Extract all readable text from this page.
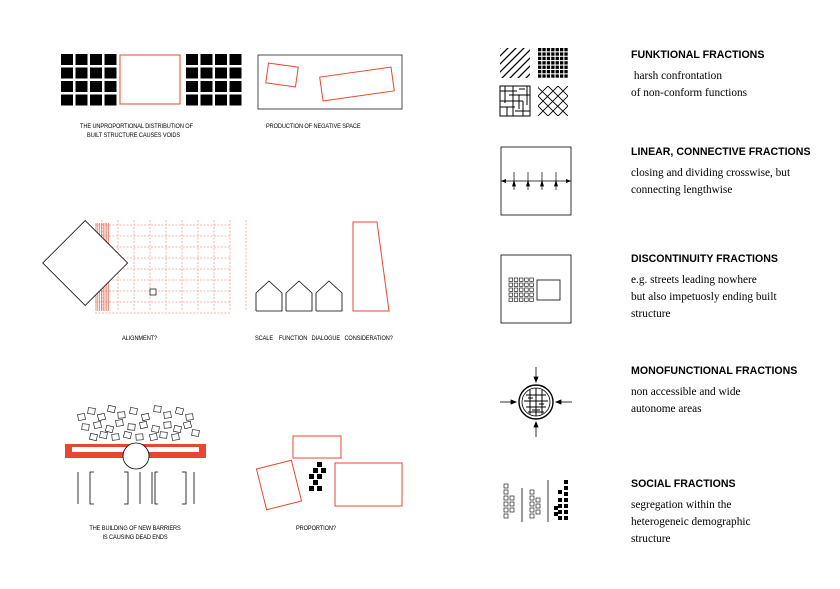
THE UNPROPORTIONAL DISTRIBUTION OF
BUILT STRUCTURE CAUSES VOIDS
PRODUCTION OF NEGATIVE SPACE
ALIGNMENT?	SCALE    FUNCTION   DIALOGUE   CONSIDERATION?
THE BUILDING OF NEW BARRIERS
IS CAUSING DEAD ENDS
PROPORTION?
FUNKTIONAL FRACTIONS
harsh confrontation
of non-conform functions
LINEAR, CONNECTIVE FRACTIONS
closing and dividing crosswise, but
connecting lengthwise
DISCONTINUITY FRACTIONS
e.g. streets leading nowhere
but also impetuosly ending built
structure
MONOFUNCTIONAL FRACTIONS
non accessible and wide
autonome areas
SOCIAL FRACTIONS
segregation within the
heterogeneic demographic
structure
